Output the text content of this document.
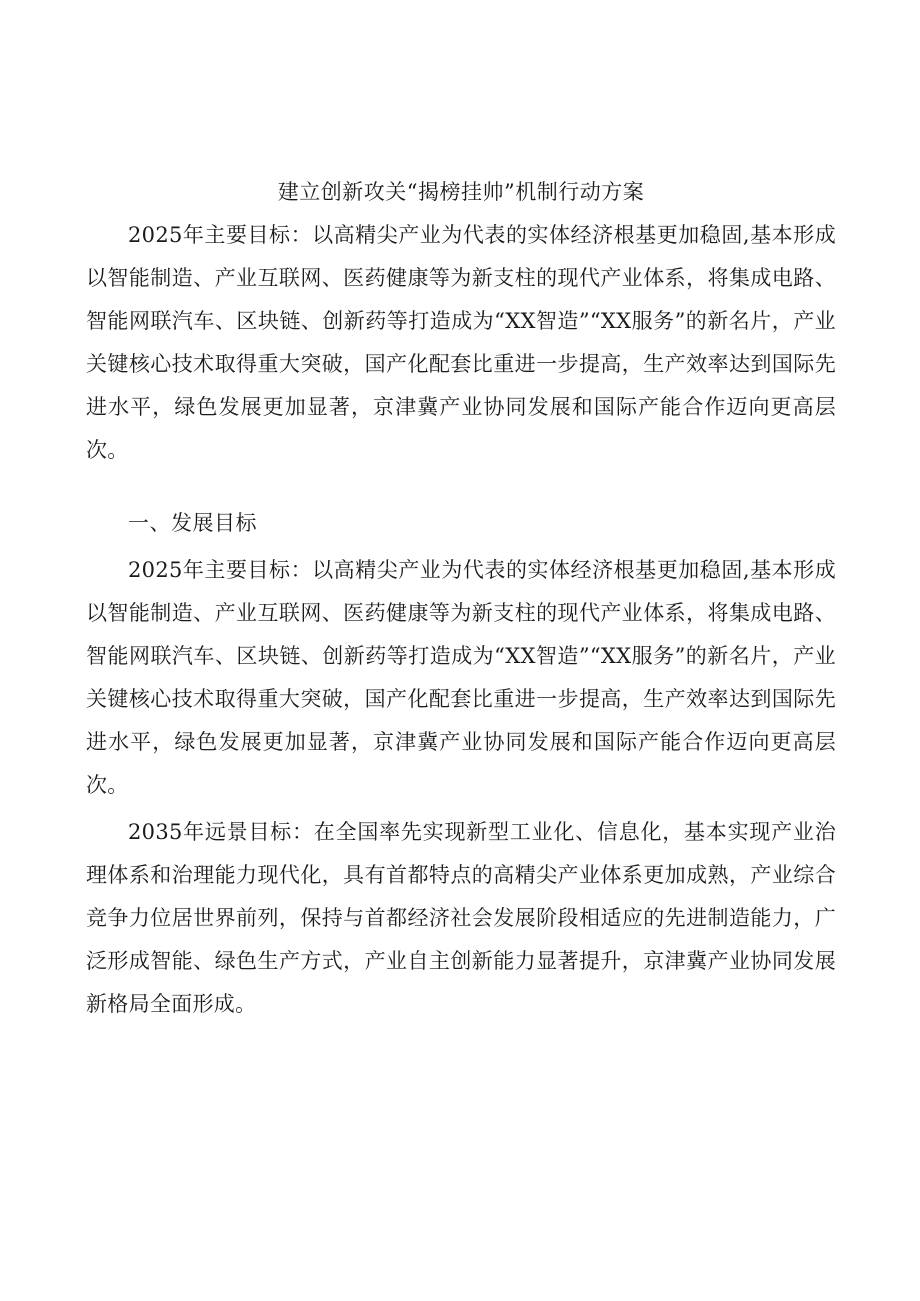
建立创新攻关“揭榜挂帅”机制行动方案

2025年主要目标：以高精尖产业为代表的实体经济根基更加稳固,基本形成以智能制造、产业互联网、医药健康等为新支柱的现代产业体系，将集成电路、智能网联汽车、区块链、创新药等打造成为“XX智造”“XX服务”的新名片，产业关键核心技术取得重大突破，国产化配套比重进一步提高，生产效率达到国际先进水平，绿色发展更加显著，京津冀产业协同发展和国际产能合作迈向更高层次。

一、发展目标

2025年主要目标：以高精尖产业为代表的实体经济根基更加稳固,基本形成以智能制造、产业互联网、医药健康等为新支柱的现代产业体系，将集成电路、智能网联汽车、区块链、创新药等打造成为“XX智造”“XX服务”的新名片，产业关键核心技术取得重大突破，国产化配套比重进一步提高，生产效率达到国际先进水平，绿色发展更加显著，京津冀产业协同发展和国际产能合作迈向更高层次。

2035年远景目标：在全国率先实现新型工业化、信息化，基本实现产业治理体系和治理能力现代化，具有首都特点的高精尖产业体系更加成熟，产业综合竞争力位居世界前列，保持与首都经济社会发展阶段相适应的先进制造能力，广泛形成智能、绿色生产方式，产业自主创新能力显著提升，京津冀产业协同发展新格局全面形成。
